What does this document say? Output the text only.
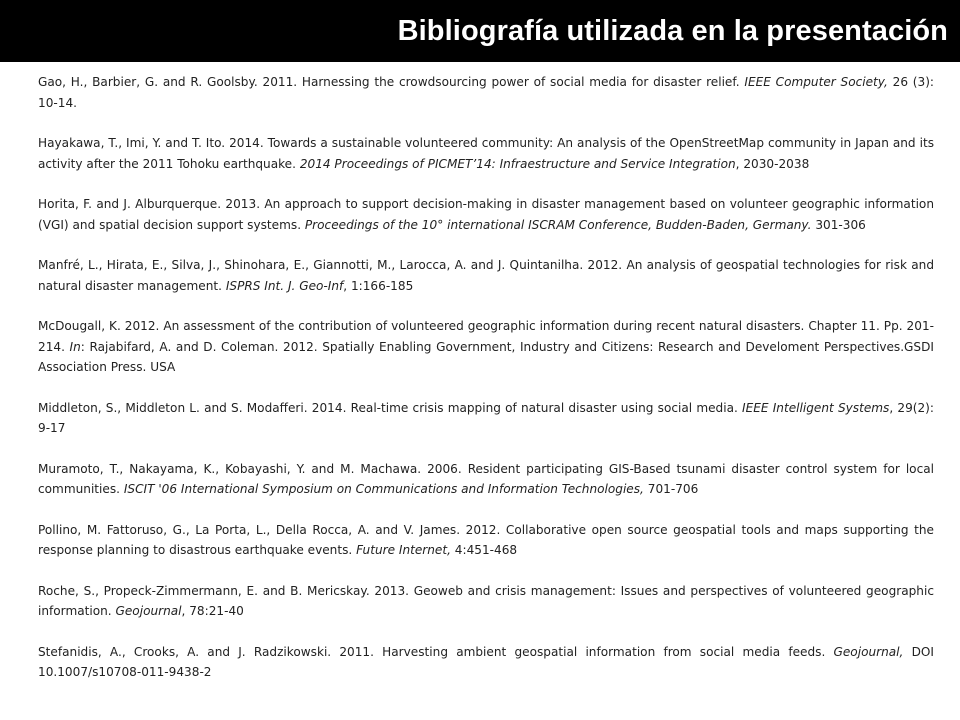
Bibliografía utilizada en la presentación

Gao, H., Barbier, G. and R. Goolsby. 2011. Harnessing the crowdsourcing power of social media for disaster relief. IEEE Computer Society, 26 (3): 10-14.

Hayakawa, T., Imi, Y. and T. Ito. 2014. Towards a sustainable volunteered community: An analysis of the OpenStreetMap community in Japan and its activity after the 2011 Tohoku earthquake. 2014 Proceedings of PICMET’14: Infraestructure and Service Integration, 2030-2038

Horita, F. and J. Alburquerque. 2013. An approach to support decision-making in disaster management based on volunteer geographic information (VGI) and spatial decision support systems. Proceedings of the 10° international ISCRAM Conference, Budden-Baden, Germany. 301-306

Manfré, L., Hirata, E., Silva, J., Shinohara, E., Giannotti, M., Larocca, A. and J. Quintanilha. 2012. An analysis of geospatial technologies for risk and natural disaster management. ISPRS Int. J. Geo-Inf, 1:166-185

McDougall, K. 2012. An assessment of the contribution of volunteered geographic information during recent natural disasters. Chapter 11. Pp. 201-214. In: Rajabifard, A. and D. Coleman. 2012. Spatially Enabling Government, Industry and Citizens: Research and Develoment Perspectives.GSDI Association Press. USA

Middleton, S., Middleton L. and S. Modafferi. 2014. Real-time crisis mapping of natural disaster using social media. IEEE Intelligent Systems, 29(2): 9-17

Muramoto, T., Nakayama, K., Kobayashi, Y. and M. Machawa. 2006. Resident participating GIS-Based tsunami disaster control system for local communities. ISCIT '06 International Symposium on Communications and Information Technologies, 701-706

Pollino, M. Fattoruso, G., La Porta, L., Della Rocca, A. and V. James. 2012. Collaborative open source geospatial tools and maps supporting the response planning to disastrous earthquake events. Future Internet, 4:451-468

Roche, S., Propeck-Zimmermann, E. and B. Mericskay. 2013. Geoweb and crisis management: Issues and perspectives of volunteered geographic information. Geojournal, 78:21-40

Stefanidis, A., Crooks, A. and J. Radzikowski. 2011. Harvesting ambient geospatial information from social media feeds. Geojournal, DOI 10.1007/s10708-011-9438-2
